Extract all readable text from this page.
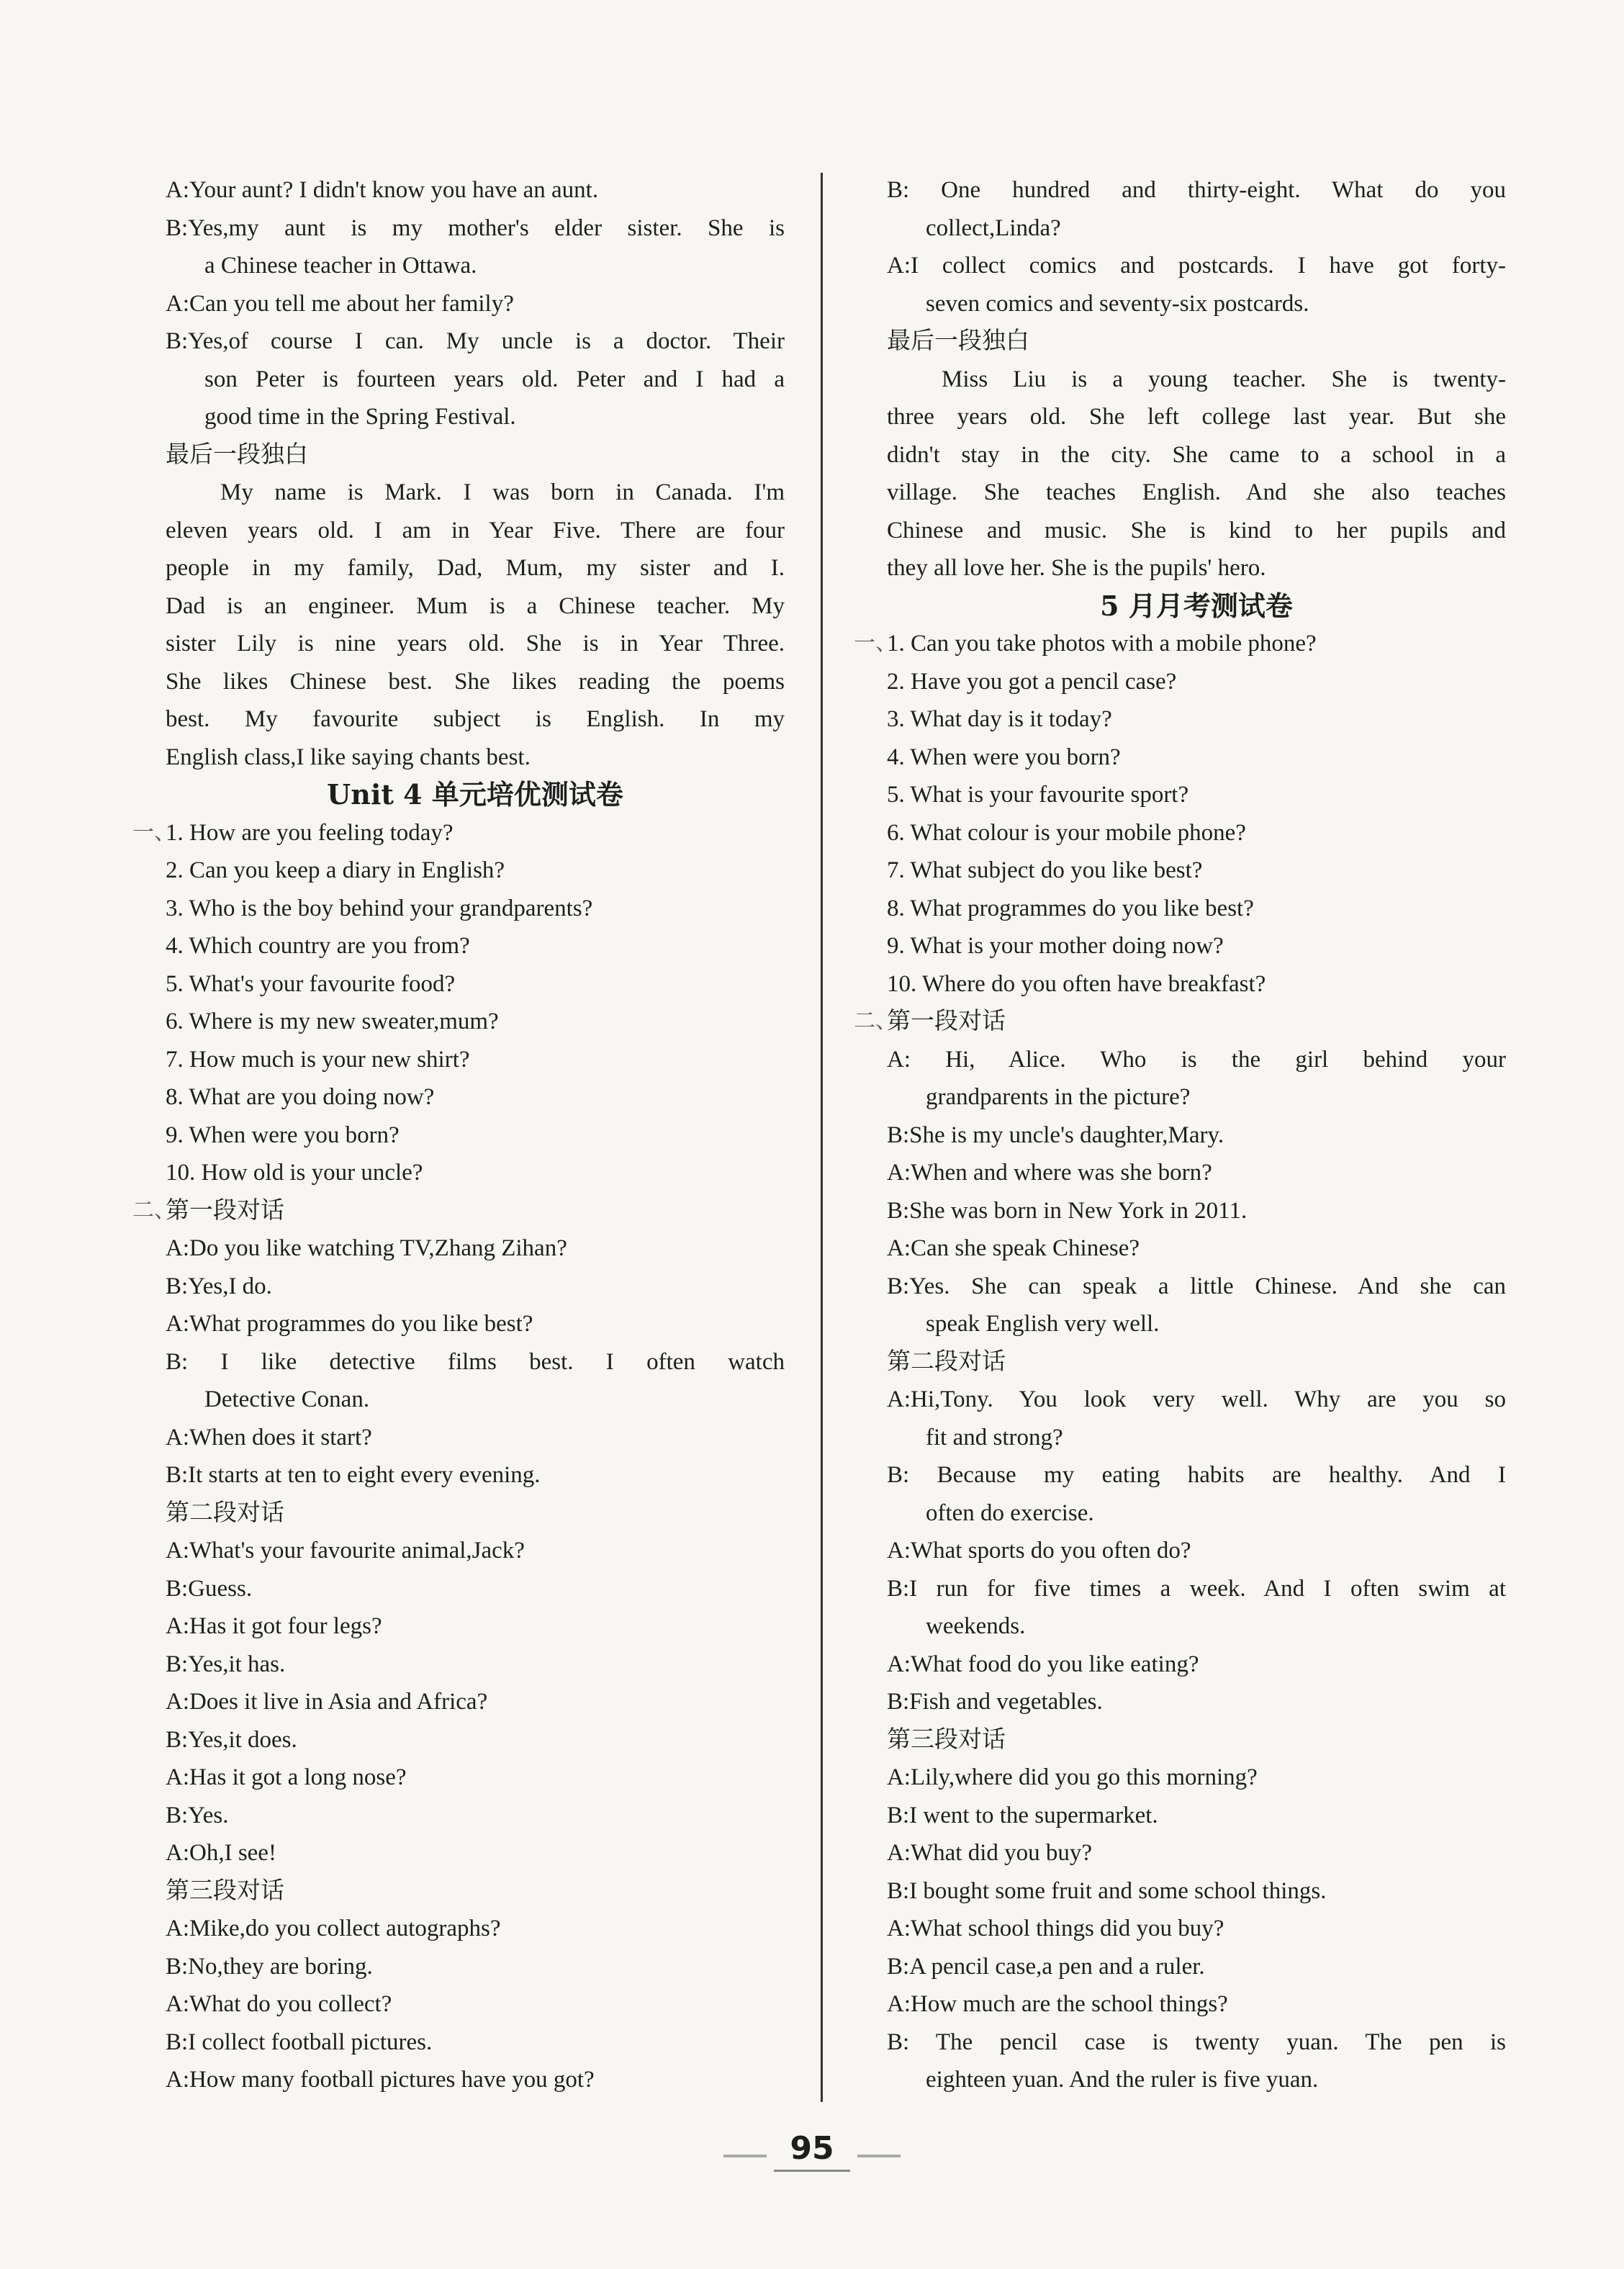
A:Your aunt? I didn't know you have an aunt.
B:Yes,my aunt is my mother's elder sister. She is
a Chinese teacher in Ottawa.
A:Can you tell me about her family?
B:Yes,of course I can. My uncle is a doctor. Their
son Peter is fourteen years old. Peter and I had a
good time in the Spring Festival.
最后一段独白
My name is Mark. I was born in Canada. I'm
eleven years old. I am in Year Five. There are four
people in my family, Dad, Mum, my sister and I.
Dad is an engineer. Mum is a Chinese teacher. My
sister Lily is nine years old. She is in Year Three.
She likes Chinese best. She likes reading the poems
best. My favourite subject is English. In my
English class,I like saying chants best.
Unit 4 单元培优测试卷
一、
1. How are you feeling today?
2. Can you keep a diary in English?
3. Who is the boy behind your grandparents?
4. Which country are you from?
5. What's your favourite food?
6. Where is my new sweater,mum?
7. How much is your new shirt?
8. What are you doing now?
9. When were you born?
10. How old is your uncle?
二、
第一段对话
A:Do you like watching TV,Zhang Zihan?
B:Yes,I do.
A:What programmes do you like best?
B: I like detective films best. I often watch
Detective Conan.
A:When does it start?
B:It starts at ten to eight every evening.
第二段对话
A:What's your favourite animal,Jack?
B:Guess.
A:Has it got four legs?
B:Yes,it has.
A:Does it live in Asia and Africa?
B:Yes,it does.
A:Has it got a long nose?
B:Yes.
A:Oh,I see!
第三段对话
A:Mike,do you collect autographs?
B:No,they are boring.
A:What do you collect?
B:I collect football pictures.
A:How many football pictures have you got?
B: One hundred and thirty-eight. What do you
collect,Linda?
A:I collect comics and postcards. I have got forty-
seven comics and seventy-six postcards.
最后一段独白
Miss Liu is a young teacher. She is twenty-
three years old. She left college last year. But she
didn't stay in the city. She came to a school in a
village. She teaches English. And she also teaches
Chinese and music. She is kind to her pupils and
they all love her. She is the pupils' hero.
5 月月考测试卷
一、
1. Can you take photos with a mobile phone?
2. Have you got a pencil case?
3. What day is it today?
4. When were you born?
5. What is your favourite sport?
6. What colour is your mobile phone?
7. What subject do you like best?
8. What programmes do you like best?
9. What is your mother doing now?
10. Where do you often have breakfast?
二、
第一段对话
A: Hi, Alice. Who is the girl behind your
grandparents in the picture?
B:She is my uncle's daughter,Mary.
A:When and where was she born?
B:She was born in New York in 2011.
A:Can she speak Chinese?
B:Yes. She can speak a little Chinese. And she can
speak English very well.
第二段对话
A:Hi,Tony. You look very well. Why are you so
fit and strong?
B: Because my eating habits are healthy. And I
often do exercise.
A:What sports do you often do?
B:I run for five times a week. And I often swim at
weekends.
A:What food do you like eating?
B:Fish and vegetables.
第三段对话
A:Lily,where did you go this morning?
B:I went to the supermarket.
A:What did you buy?
B:I bought some fruit and some school things.
A:What school things did you buy?
B:A pencil case,a pen and a ruler.
A:How much are the school things?
B: The pencil case is twenty yuan. The pen is
eighteen yuan. And the ruler is five yuan.
95
